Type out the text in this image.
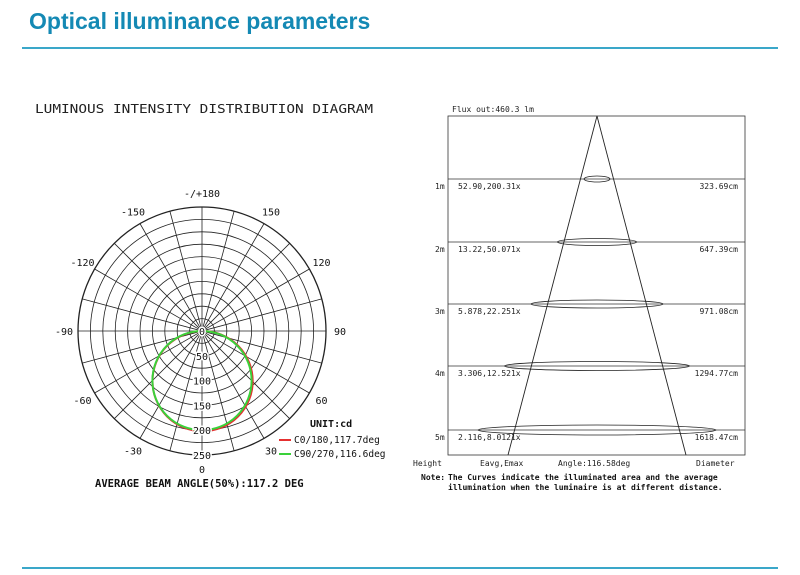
Optical illuminance parameters
LUMINOUS INTENSITY DISTRIBUTION DIAGRAM
-/+180
-150	150
-120	120
-90	90
-60	60
-30	30
0
0
50
100
150
200
250
UNIT:cd
C0/180,117.7deg
C90/270,116.6deg
AVERAGE BEAM ANGLE(50%):117.2 DEG
Flux out:460.3 lm
1m 52.90,200.31x	323.69cm
2m 13.22,50.071x	647.39cm
3m 5.878,22.251x	971.08cm
4m 3.306,12.521x	1294.77cm
5m 2.116,8.0121x	1618.47cm
Height	Eavg,Emax	Angle:116.58deg	Diameter
Note: The Curves indicate the illuminated area and the average
illumination when the luminaire is at different distance.
